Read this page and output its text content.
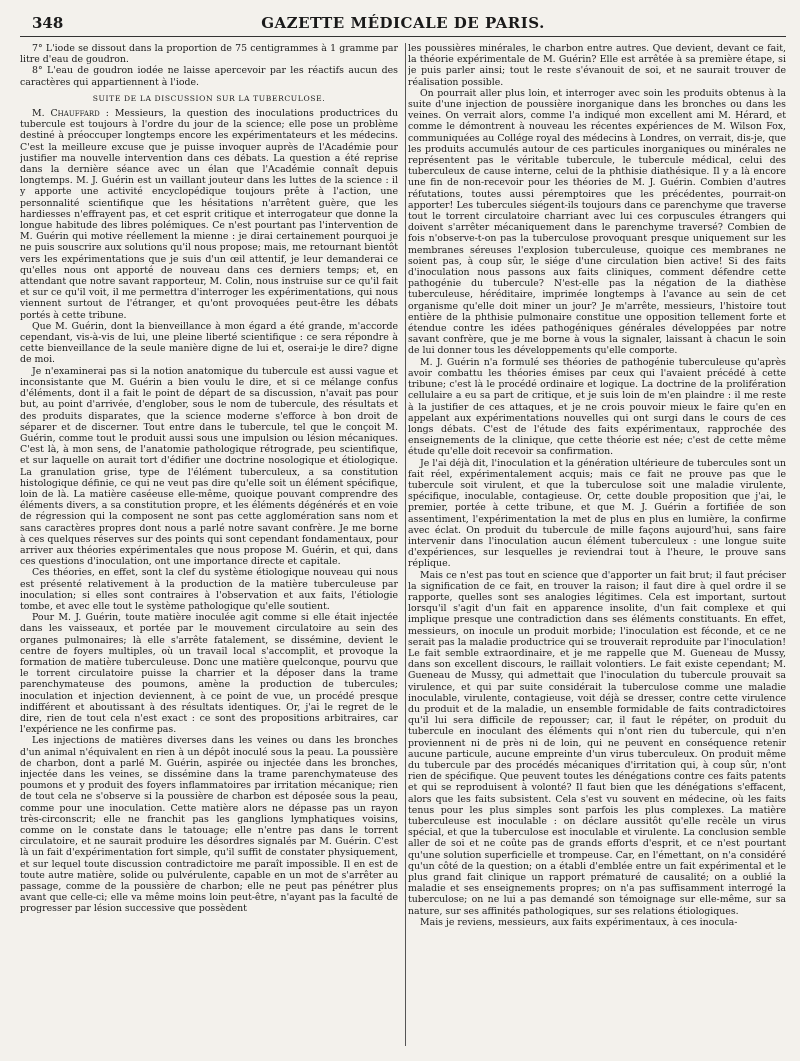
348	GAZETTE MÉDICALE DE PARIS.

7° L'iode se dissout dans la proportion de 75 centigrammes à 1 gramme par litre d'eau de goudron.

8° L'eau de goudron iodée ne laisse apercevoir par les réactifs aucun des caractères qui appartiennent à l'iode.

SUITE DE LA DISCUSSION SUR LA TUBERCULOSE.

M. Chauffard : Messieurs, la question des inoculations productrices du tubercule est toujours à l'ordre du jour de la science; elle pose un problème destiné à préoccuper longtemps encore les expérimentateurs et les médecins. C'est la meilleure excuse que je puisse invoquer auprès de l'Académie pour justifier ma nouvelle intervention dans ces débats. La question a été reprise dans la dernière séance avec un élan que l'Académie connaît depuis longtemps. M. J. Guérin est un vaillant jouteur dans les luttes de la science : il y apporte une activité encyclopédique toujours prête à l'action, une personnalité scientifique que les hésitations n'arrêtent guère, que les hardiesses n'effrayent pas, et cet esprit critique et interrogateur que donne la longue habitude des libres polémiques. Ce n'est pourtant pas l'intervention de M. Guérin qui motive réellement la mienne : je dirai certainement pourquoi je ne puis souscrire aux solutions qu'il nous propose; mais, me retournant bientôt vers les expérimentations que je suis d'un œil attentif, je leur demanderai ce qu'elles nous ont apporté de nouveau dans ces derniers temps; et, en attendant que notre savant rapporteur, M. Colin, nous instruise sur ce qu'il fait et sur ce qu'il voit, il me permettra d'interroger les expérimentations, qui nous viennent surtout de l'étranger, et qu'ont provoquées peut-être les débats portés à cette tribune.

Que M. Guérin, dont la bienveillance à mon égard a été grande, m'accorde cependant, vis-à-vis de lui, une pleine liberté scientifique : ce sera répondre à cette bienveillance de la seule manière digne de lui et, oserai-je le dire? digne de moi.

Je n'examinerai pas si la notion anatomique du tubercule est aussi vague et inconsistante que M. Guérin a bien voulu le dire, et si ce mélange confus d'éléments, dont il a fait le point de départ de sa discussion, n'avait pas pour but, au point d'arrivée, d'englober, sous le nom de tubercule, des résultats et des produits disparates, que la science moderne s'efforce à bon droit de séparer et de discerner. Tout entre dans le tubercule, tel que le conçoit M. Guérin, comme tout le produit aussi sous une impulsion ou lésion mécaniques. C'est là, à mon sens, de l'anatomie pathologique rétrograde, peu scientifique, et sur laquelle on aurait tort d'édifier une doctrine nosologique et étiologique. La granulation grise, type de l'élément tuberculeux, a sa constitution histologique définie, ce qui ne veut pas dire qu'elle soit un élément spécifique, loin de là. La matière caséeuse elle-même, quoique pouvant comprendre des éléments divers, a sa constitution propre, et les éléments dégénérés et en voie de régression qui la composent ne sont pas cette agglomération sans nom et sans caractères propres dont nous a parlé notre savant confrère. Je me borne à ces quelques réserves sur des points qui sont cependant fondamentaux, pour arriver aux théories expérimentales que nous propose M. Guérin, et qui, dans ces questions d'inoculation, ont une importance directe et capitale.

Ces théories, en effet, sont la clef du système étiologique nouveau qui nous est présenté relativement à la production de la matière tuberculeuse par inoculation; si elles sont contraires à l'observation et aux faits, l'étiologie tombe, et avec elle tout le système pathologique qu'elle soutient.

Pour M. J. Guérin, toute matière inoculée agit comme si elle était injectée dans les vaisseaux, et portée par le mouvement circulatoire au sein des organes pulmonaires; là elle s'arrête fatalement, se dissémine, devient le centre de foyers multiples, où un travail local s'accomplit, et provoque la formation de matière tuberculeuse. Donc une matière quelconque, pourvu que le torrent circulatoire puisse la charrier et la déposer dans la trame parenchymateuse des poumons, amène la production de tubercules; inoculation et injection deviennent, à ce point de vue, un procédé presque indifférent et aboutissant à des résultats identiques. Or, j'ai le regret de le dire, rien de tout cela n'est exact : ce sont des propositions arbitraires, car l'expérience ne les confirme pas.

Les injections de matières diverses dans les veines ou dans les bronches d'un animal n'équivalent en rien à un dépôt inoculé sous la peau. La poussière de charbon, dont a parlé M. Guérin, aspirée ou injectée dans les bronches, injectée dans les veines, se dissémine dans la trame parenchymateuse des poumons et y produit des foyers inflammatoires par irritation mécanique; rien de tout cela ne s'observe si la poussière de charbon est déposée sous la peau, comme pour une inoculation. Cette matière alors ne dépasse pas un rayon très-circonscrit; elle ne franchit pas les ganglions lymphatiques voisins, comme on le constate dans le tatouage; elle n'entre pas dans le torrent circulatoire, et ne saurait produire les désordres signalés par M. Guérin. C'est là un fait d'expérimentation fort simple, qu'il suffit de constater physiquement, et sur lequel toute discussion contradictoire me paraît impossible. Il en est de toute autre matière, solide ou pulvérulente, capable en un mot de s'arrêter au passage, comme de la poussière de charbon; elle ne peut pas pénétrer plus avant que celle-ci; elle va même moins loin peut-être, n'ayant pas la faculté de progresser par lésion successive que possèdent

les poussières minérales, le charbon entre autres. Que devient, devant ce fait, la théorie expérimentale de M. Guérin? Elle est arrêtée à sa première étape, si je puis parler ainsi; tout le reste s'évanouit de soi, et ne saurait trouver de réalisation possible.

On pourrait aller plus loin, et interroger avec soin les produits obtenus à la suite d'une injection de poussière inorganique dans les bronches ou dans les veines. On verrait alors, comme l'a indiqué mon excellent ami M. Hérard, et comme le démontrent à nouveau les récentes expériences de M. Wilson Fox, communiquées au Collége royal des médecins à Londres, on verrait, dis-je, que les produits accumulés autour de ces particules inorganiques ou minérales ne représentent pas le véritable tubercule, le tubercule médical, celui des tuberculeux de cause interne, celui de la phthisie diathésique. Il y a là encore une fin de non-recevoir pour les théories de M. J. Guérin. Combien d'autres réfutations, toutes aussi péremptoires que les précédentes, pourrait-on apporter! Les tubercules siégent-ils toujours dans ce parenchyme que traverse tout le torrent circulatoire charriant avec lui ces corpuscules étrangers qui doivent s'arrêter mécaniquement dans le parenchyme traversé? Combien de fois n'observe-t-on pas la tuberculose provoquant presque uniquement sur les membranes séreuses l'explosion tuberculeuse, quoique ces membranes ne soient pas, à coup sûr, le siége d'une circulation bien active! Si des faits d'inoculation nous passons aux faits cliniques, comment défendre cette pathogénie du tubercule? N'est-elle pas la négation de la diathèse tuberculeuse, héréditaire, imprimée longtemps à l'avance au sein de cet organisme qu'elle doit miner un jour? Je m'arrête, messieurs, l'histoire tout entière de la phthisie pulmonaire constitue une opposition tellement forte et étendue contre les idées pathogéniques générales développées par notre savant confrère, que je me borne à vous la signaler, laissant à chacun le soin de lui donner tous les développements qu'elle comporte.

M. J. Guérin n'a formulé ses théories de pathogénie tuberculeuse qu'après avoir combattu les théories émises par ceux qui l'avaient précédé à cette tribune; c'est là le procédé ordinaire et logique. La doctrine de la prolifération cellulaire a eu sa part de critique, et je suis loin de m'en plaindre : il me reste à la justifier de ces attaques, et je ne crois pouvoir mieux le faire qu'en en appelant aux expérimentations nouvelles qui ont surgi dans le cours de ces longs débats. C'est de l'étude des faits expérimentaux, rapprochée des enseignements de la clinique, que cette théorie est née; c'est de cette même étude qu'elle doit recevoir sa confirmation.

Je l'ai déjà dit, l'inoculation et la génération ultérieure de tubercules sont un fait réel, expérimentalement acquis; mais ce fait ne prouve pas que le tubercule soit virulent, et que la tuberculose soit une maladie virulente, spécifique, inoculable, contagieuse. Or, cette double proposition que j'ai, le premier, portée à cette tribune, et que M. J. Guérin a fortifiée de son assentiment, l'expérimentation la met de plus en plus en lumière, la confirme avec éclat. On produit du tubercule de mille façons aujourd'hui, sans faire intervenir dans l'inoculation aucun élément tuberculeux : une longue suite d'expériences, sur lesquelles je reviendrai tout à l'heure, le prouve sans réplique.

Mais ce n'est pas tout en science que d'apporter un fait brut; il faut préciser la signification de ce fait, en trouver la raison; il faut dire à quel ordre il se rapporte, quelles sont ses analogies légitimes. Cela est important, surtout lorsqu'il s'agit d'un fait en apparence insolite, d'un fait complexe et qui implique presque une contradiction dans ses éléments constituants. En effet, messieurs, on inocule un produit morbide; l'inoculation est féconde, et ce ne serait pas la maladie productrice qui se trouverait reproduite par l'inoculation! Le fait semble extraordinaire, et je me rappelle que M. Gueneau de Mussy, dans son excellent discours, le raillait volontiers. Le fait existe cependant; M. Gueneau de Mussy, qui admettait que l'inoculation du tubercule prouvait sa virulence, et qui par suite considérait la tuberculose comme une maladie inoculable, virulente, contagieuse, voit déjà se dresser, contre cette virulence du produit et de la maladie, un ensemble formidable de faits contradictoires qu'il lui sera difficile de repousser; car, il faut le répéter, on produit du tubercule en inoculant des éléments qui n'ont rien du tubercule, qui n'en proviennent ni de près ni de loin, qui ne peuvent en conséquence retenir aucune particule, aucune empreinte d'un virus tuberculeux. On produit même du tubercule par des procédés mécaniques d'irritation qui, à coup sûr, n'ont rien de spécifique. Que peuvent toutes les dénégations contre ces faits patents et qui se reproduisent à volonté? Il faut bien que les dénégations s'effacent, alors que les faits subsistent. Cela s'est vu souvent en médecine, où les faits tenus pour les plus simples sont parfois les plus complexes. La matière tuberculeuse est inoculable : on déclare aussitôt qu'elle recèle un virus spécial, et que la tuberculose est inoculable et virulente. La conclusion semble aller de soi et ne coûte pas de grands efforts d'esprit, et ce n'est pourtant qu'une solution superficielle et trompeuse. Car, en l'émettant, on n'a considéré qu'un côté de la question; on a établi d'emblée entre un fait expérimental et le plus grand fait clinique un rapport prématuré de causalité; on a oublié la maladie et ses enseignements propres; on n'a pas suffisamment interrogé la tuberculose; on ne lui a pas demandé son témoignage sur elle-même, sur sa nature, sur ses affinités pathologiques, sur ses relations étiologiques.

Mais je reviens, messieurs, aux faits expérimentaux, à ces inocula-
